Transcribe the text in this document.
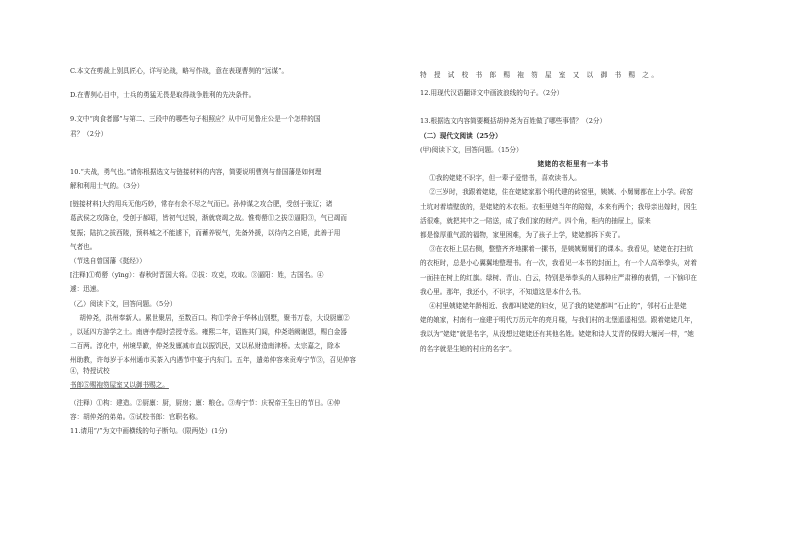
C.本文在剪裁上别具匠心，详写论战，略写作战，意在表现曹刿的“远谋”。

D.在曹刿心目中，士兵的勇猛无畏是取得战争胜利的先决条件。

9.文中“肉食者鄙”与第二、三段中的哪些句子相照应？从中可见鲁庄公是一个怎样的国

君？（2分）

10.“夫战，勇气也。”请你根据选文与链接材料的内容，简要说明曹刿与普国藩是如何理

解和利用士气的。（3分）

[链接材料]大约用兵无他巧妙，常存有余不尽之气而已。孙仲谋之攻合肥，受创于张辽；诸

葛武侯之攻陈仓，受创于郝昭，皆初气过锐，渐就衰竭之故。惟荀罃①之拔②逼阳③，气已竭而

复振；陆抗之拔西陵，预料城之不能遽下，而蓄养锐气，先备外援，以待内之自毙，此善于用

气者也。

（节选自曾国藩《挺经》）

[注释]①荀罃（yīng）：春秋时晋国大将。②拔：攻克，攻取。③逼阳：姓，古国名。④

遽：迅速。

（乙）阅读下文，回答问题。（5分）

胡仲尧，洪州奉新人。累世聚居，至数百口。构①学舍于华林山别墅，聚书万卷，大设厨廪②

，以延四方游学之士。南唐李煜时尝授寺丞。雍熙二年，诏旌其门闾，仲尧诣阙谢恩，赐白金器

二百两。淳化中，州境旱歉，仲尧发廪减市直以振饥民，又以私财造南津桥。太宗嘉之，除本

州助教，许每岁于本州通市买茶入内遇节中宴于内东门。五年，遣弟仲容来贡寿宁节③，召见仲容④，特授试校

书郎⑤赐袍笏屋室又以御书赐之。

（注释）①构：建造。②厨廪：厨，厨房；廪：粮仓。③寿宁节：庆祝帝王生日的节日。④仲

容：胡仲尧的弟弟。⑤试校书郎：官职名称。

11.请用“/”为文中画横线的句子断句。（限两处）(1分)

特 授 试 校 书 郎 赐 袍 笏 屋 室 又 以 御 书 赐 之。

12.用现代汉语翻译文中画波浪线的句子。（2分）

13.根据选文内容简要概括胡仲尧为百姓做了哪些事情？（2分）

（二）现代文阅读（25分）

(甲)阅读下文，回答问题。（15分）

姥姥的衣柜里有一本书

①我的姥姥不识字，但一辈子爱惜书，喜欢读书人。

②三岁时，我跟着姥姥，住在姥姥家那个明代建的砖窑里，姨姨、小舅舅都在上小学。砖窑

土坑对着墙壁放的，是姥姥的木衣柜。衣柜里她当年的陪嫁，本来有两个；我母亲出嫁时，因生

活很难，就把其中之一陪送，成了我们家的财产。四个角，柜内的抽屉上，原来

都是像厚重气派的福物，家里困难，为了孩子上学，姥姥都拆下卖了。

③在衣柜上层右侧，整整齐齐地摞着一摞书，是姨姨舅舅们的课本。我看见，姥姥在打扫炕

的衣柜时，总是小心翼翼地整理书。有一次，我看见一本书的封面上，有一个人高举拳头，对着

一面挂在树上的红旗。绿树、青山、白云，特别是举拳头的人那种庄严肃穆的表情，一下恼印在

我心里。那年，我还小，不识字，不知道这是本什么书。

④村里姨姥姥年龄相近、我都叫姥姥的妇女，见了我的姥姥都叫“石止的”，邻村石止是姥

姥的娘家，村南有一座建于明代万历元年的亮月楼，与我们村的北堡遥遥相望。跟着姥姥几年，

我以为“姥姥”就是名字，从没想过姥姥还有其他名姓。姥姥和诗人艾青的保姆大堰河一样，“她

的名字就是生她的村庄的名字”。
